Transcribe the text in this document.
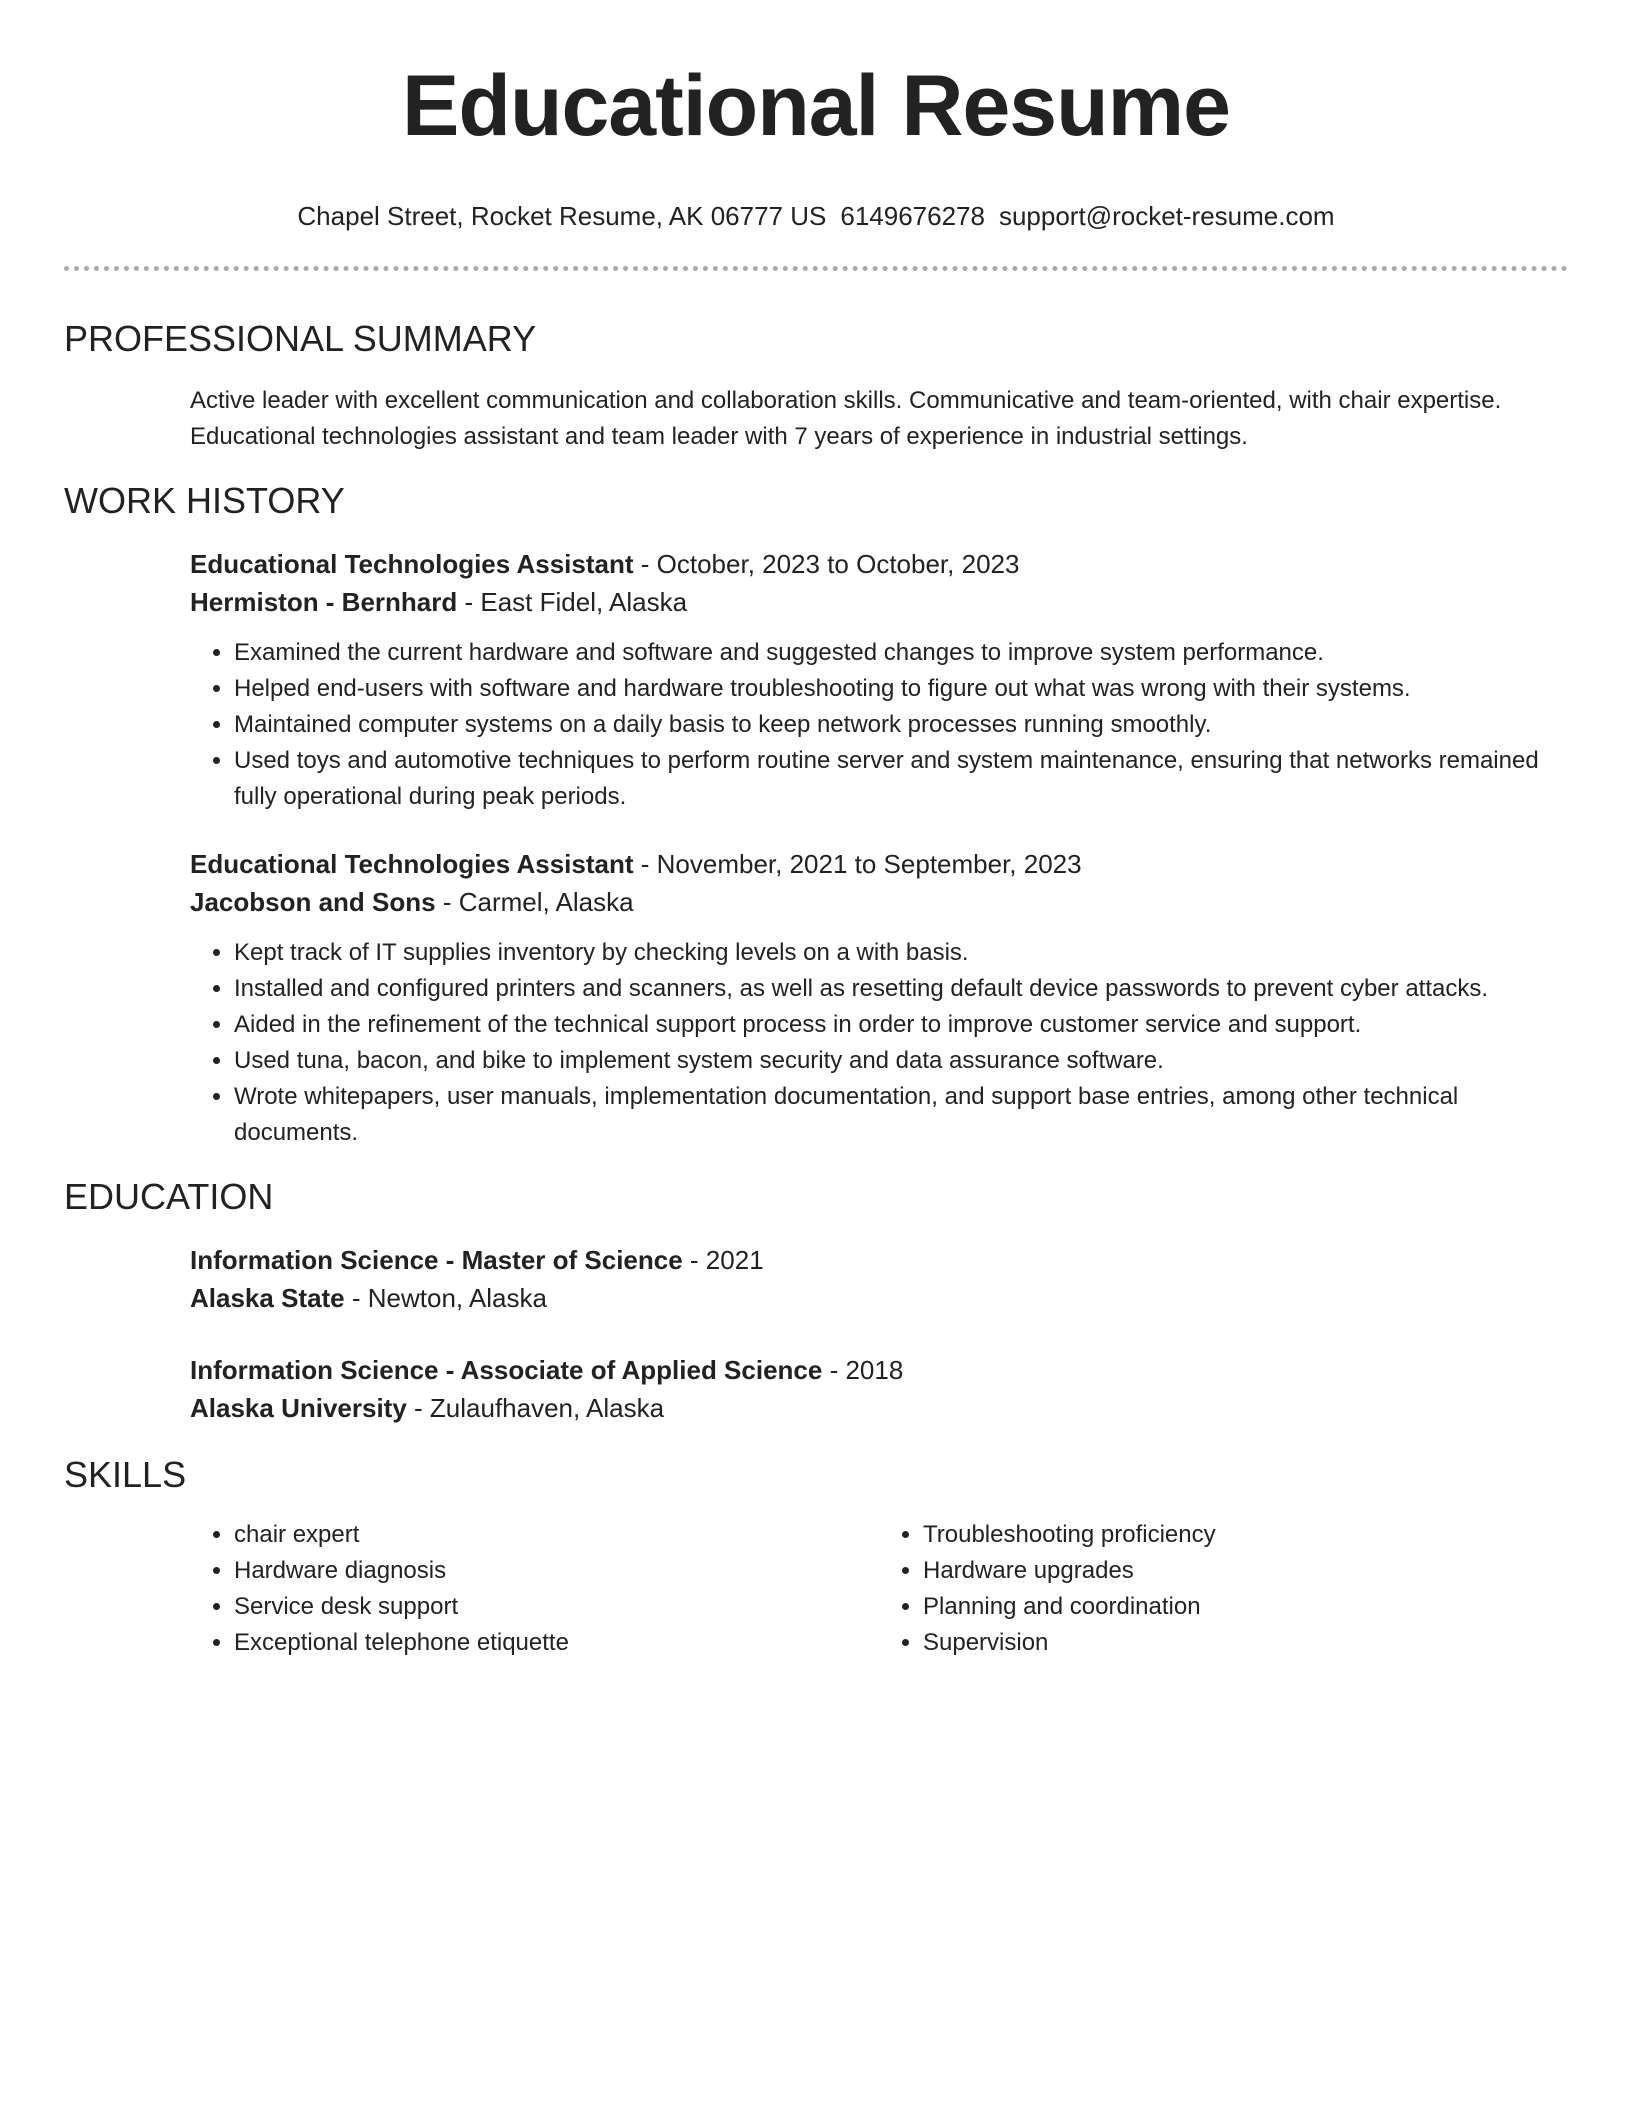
Educational Resume
Chapel Street, Rocket Resume, AK 06777 US 6149676278 support@rocket-resume.com
PROFESSIONAL SUMMARY
Active leader with excellent communication and collaboration skills. Communicative and team-oriented, with chair expertise. Educational technologies assistant and team leader with 7 years of experience in industrial settings.
WORK HISTORY
Educational Technologies Assistant - October, 2023 to October, 2023
Hermiston - Bernhard - East Fidel, Alaska
• Examined the current hardware and software and suggested changes to improve system performance.
• Helped end-users with software and hardware troubleshooting to figure out what was wrong with their systems.
• Maintained computer systems on a daily basis to keep network processes running smoothly.
• Used toys and automotive techniques to perform routine server and system maintenance, ensuring that networks remained fully operational during peak periods.
Educational Technologies Assistant - November, 2021 to September, 2023
Jacobson and Sons - Carmel, Alaska
• Kept track of IT supplies inventory by checking levels on a with basis.
• Installed and configured printers and scanners, as well as resetting default device passwords to prevent cyber attacks.
• Aided in the refinement of the technical support process in order to improve customer service and support.
• Used tuna, bacon, and bike to implement system security and data assurance software.
• Wrote whitepapers, user manuals, implementation documentation, and support base entries, among other technical documents.
EDUCATION
Information Science - Master of Science - 2021
Alaska State - Newton, Alaska
Information Science - Associate of Applied Science - 2018
Alaska University - Zulaufhaven, Alaska
SKILLS
• chair expert
• Hardware diagnosis
• Service desk support
• Exceptional telephone etiquette
• Troubleshooting proficiency
• Hardware upgrades
• Planning and coordination
• Supervision
